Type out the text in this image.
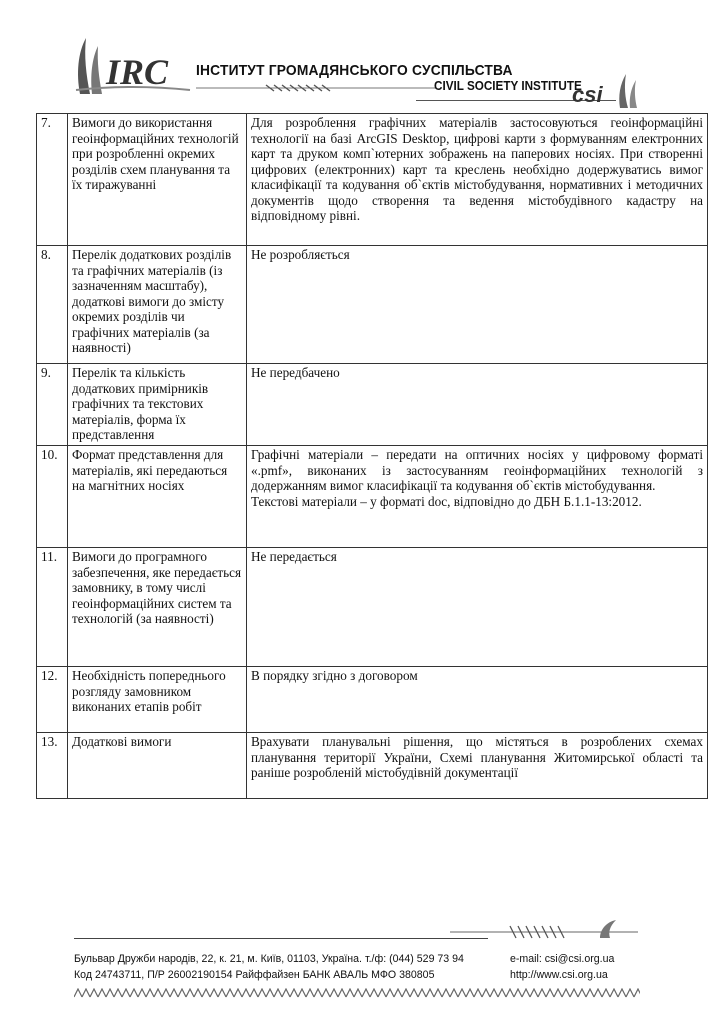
IRC ІНСТИТУТ ГРОМАДЯНСЬКОГО СУСПІЛЬСТВА
CIVIL SOCIETY INSTITUTE
csi
7.	Вимоги до використання геоінформаційних технологій при розробленні окремих розділів схем планування та їх тиражуванні	Для розроблення графічних матеріалів застосовуються геоінформаційні технології на базі ArcGIS Desktop, цифрові карти з формуванням електронних карт та друком комп`ютерних зображень на паперових носіях. При створенні цифрових (електронних) карт та креслень необхідно додержуватись вимог класифікації та кодування об`єктів містобудування, нормативних і методичних документів щодо створення та ведення містобудівного кадастру на відповідному рівні.

8.	Перелік додаткових розділів та графічних матеріалів (із зазначенням масштабу), додаткові вимоги до змісту окремих розділів чи графічних матеріалів (за наявності)	Не розробляється

9.	Перелік та кількість додаткових примірників графічних та текстових матеріалів, форма їх представлення	Не передбачено

10.	Формат представлення для матеріалів, які передаються на магнітних носіях	Графічні матеріали – передати на оптичних носіях у цифровому форматі «.pmf», виконаних із застосуванням геоінформаційних технологій з додержанням вимог класифікації та кодування об`єктів містобудування.

Текстові матеріали – у форматі doc, відповідно до ДБН Б.1.1-13:2012.

11.	Вимоги до програмного забезпечення, яке передається замовнику, в тому числі геоінформаційних систем та технологій (за наявності)	Не передається

12.	Необхідність попереднього розгляду замовником виконаних етапів робіт	В порядку згідно з договором

13.	Додаткові вимоги	Врахувати планувальні рішення, що містяться в розроблених схемах планування території України, Схемі планування Житомирської області та раніше розробленій містобудівній документації

Бульвар Дружби народів, 22, к. 21, м. Київ, 01103, Україна. т./ф: (044) 529 73 94
Код 24743711, П/Р 26002190154 Райффайзен БАНК АВАЛЬ МФО 380805
e-mail: csi@csi.org.ua
http://www.csi.org.ua
